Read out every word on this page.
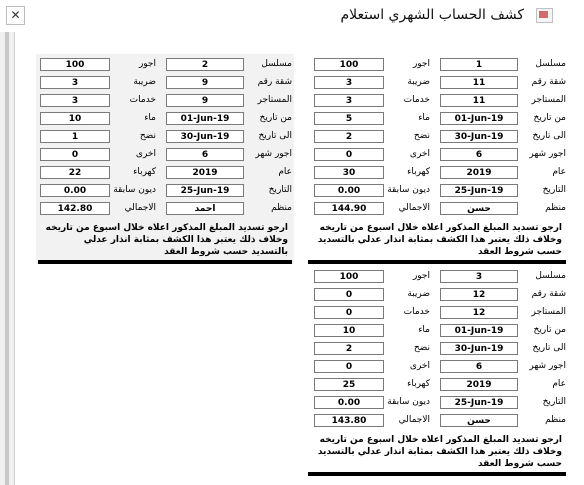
✕	كشف الحساب الشهري استعلام
مسلسل
1
اجور
100
شقة رقم
11
ضريبة
3
المستاجر
11
خدمات
3
من تاريخ
01-Jun-19
ماء
5
الى تاريخ
30-Jun-19
نضح
2
اجور شهر
6
اخرى
0
عام
2019
كهرباء
30
التاريخ
25-Jun-19
ديون سابقة
0.00
منظم
حسن
الاجمالي
144.90
ارجو تسديد المبلغ المذكور اعلاه خلال اسبوع من تاريخه وخلاف ذلك يعتبر هذا الكشف بمثابة انذار عدلي بالتسديد حسب شروط العقد
مسلسل
2
اجور
100
شقة رقم
9
ضريبة
3
المستاجر
9
خدمات
3
من تاريخ
01-Jun-19
ماء
10
الى تاريخ
30-Jun-19
نضح
1
اجور شهر
6
اخرى
0
عام
2019
كهرباء
22
التاريخ
25-Jun-19
ديون سابقة
0.00
منظم
احمد
الاجمالي
142.80
ارجو تسديد المبلغ المذكور اعلاه خلال اسبوع من تاريخه وخلاف ذلك يعتبر هذا الكشف بمثابة انذار عدلي بالتسديد حسب شروط العقد
مسلسل
3
اجور
100
شقة رقم
12
ضريبة
0
المستاجر
12
خدمات
0
من تاريخ
01-Jun-19
ماء
10
الى تاريخ
30-Jun-19
نضح
2
اجور شهر
6
اخرى
0
عام
2019
كهرباء
25
التاريخ
25-Jun-19
ديون سابقة
0.00
منظم
حسن
الاجمالي
143.80
ارجو تسديد المبلغ المذكور اعلاه خلال اسبوع من تاريخه وخلاف ذلك يعتبر هذا الكشف بمثابة انذار عدلي بالتسديد حسب شروط العقد
